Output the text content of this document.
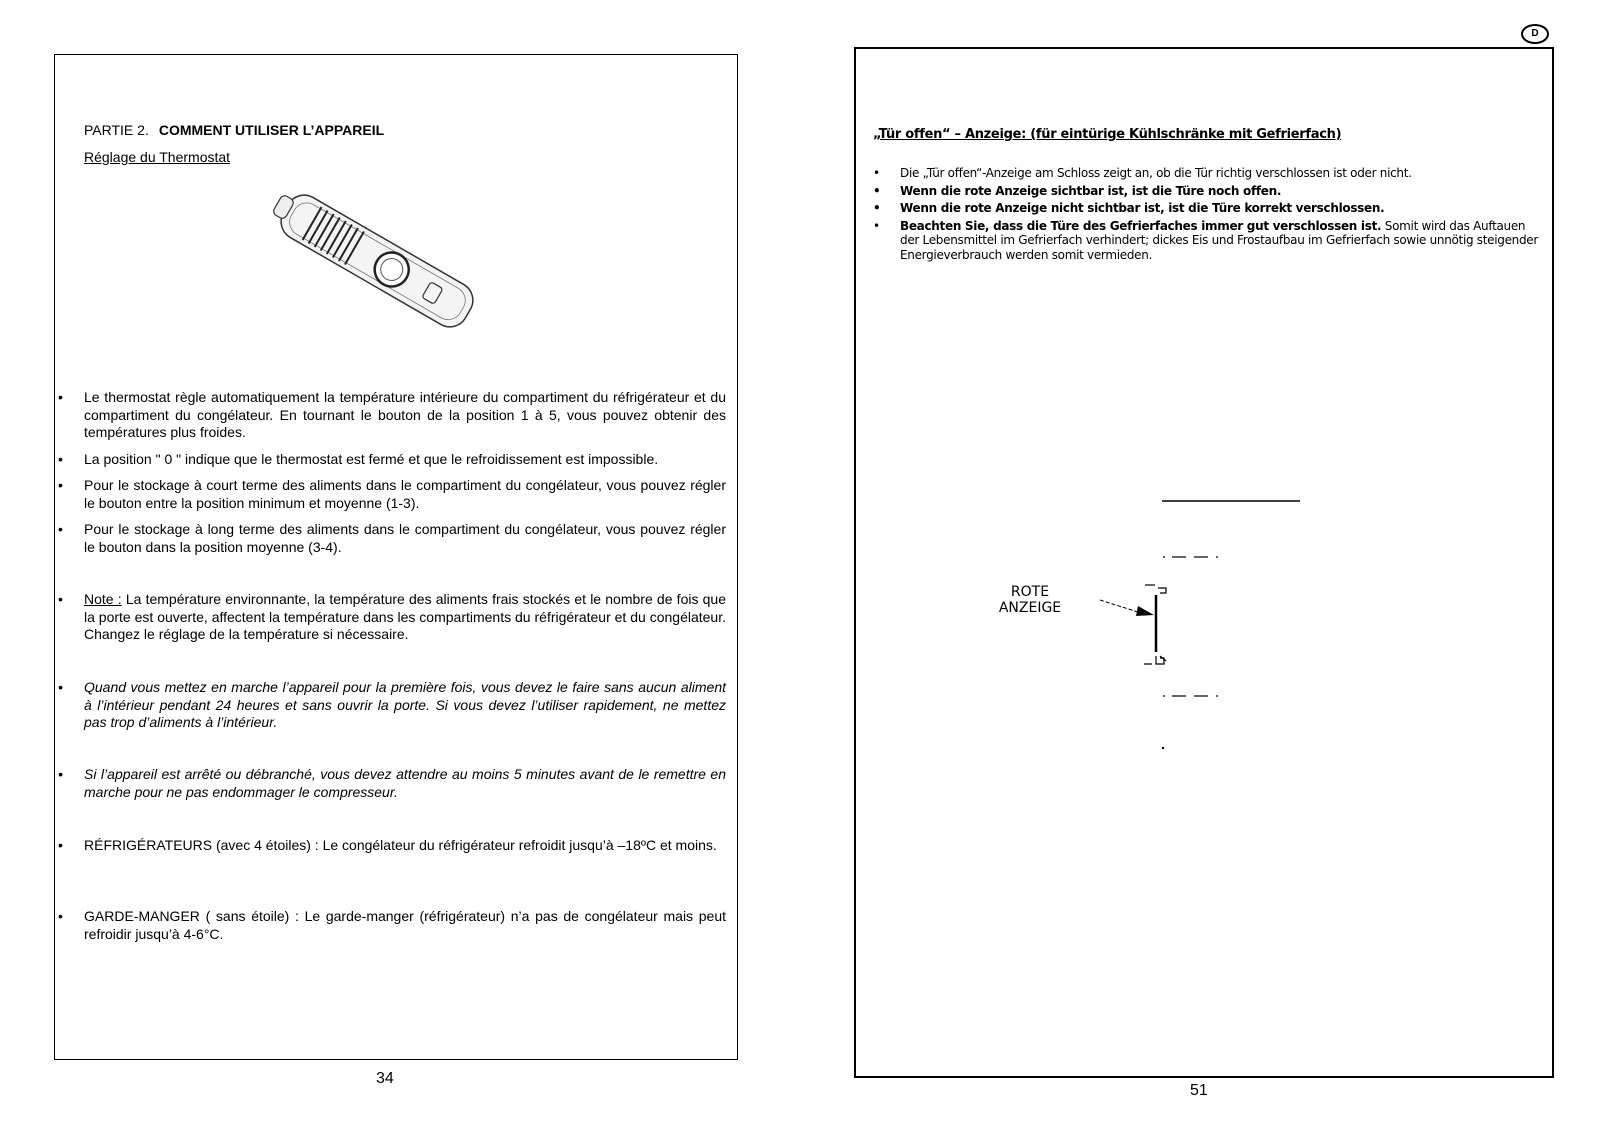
PARTIE 2. COMMENT UTILISER L’APPAREIL
Réglage du Thermostat
• Le thermostat règle automatiquement la température intérieure du compartiment du réfrigérateur et du compartiment du congélateur. En tournant le bouton de la position 1 à 5, vous pouvez obtenir des températures plus froides.
• La position " 0 " indique que le thermostat est fermé et que le refroidissement est impossible.
• Pour le stockage à court terme des aliments dans le compartiment du congélateur, vous pouvez régler le bouton entre la position minimum et moyenne (1-3).
• Pour le stockage à long terme des aliments dans le compartiment du congélateur, vous pouvez régler le bouton dans la position moyenne (3-4).
• Note : La température environnante, la température des aliments frais stockés et le nombre de fois que la porte est ouverte, affectent la température dans les compartiments du réfrigérateur et du congélateur. Changez le réglage de la température si nécessaire.
• Quand vous mettez en marche l’appareil pour la première fois, vous devez le faire sans aucun aliment à l’intérieur pendant 24 heures et sans ouvrir la porte. Si vous devez l’utiliser rapidement, ne mettez pas trop d’aliments à l’intérieur.
• Si l’appareil est arrêté ou débranché, vous devez attendre au moins 5 minutes avant de le remettre en marche pour ne pas endommager le compresseur.
• RÉFRIGÉRATEURS (avec 4 étoiles) : Le congélateur du réfrigérateur refroidit jusqu’à –18ºC et moins.
• GARDE-MANGER ( sans étoile) : Le garde-manger (réfrigérateur) n’a pas de congélateur mais peut refroidir jusqu’à 4-6°C.
34
D
„Tür offen“ – Anzeige: (für eintürige Kühlschränke mit Gefrierfach)
• Die „Tür offen“-Anzeige am Schloss zeigt an, ob die Tür richtig verschlossen ist oder nicht.
• Wenn die rote Anzeige sichtbar ist, ist die Türe noch offen.
• Wenn die rote Anzeige nicht sichtbar ist, ist die Türe korrekt verschlossen.
• Beachten Sie, dass die Türe des Gefrierfaches immer gut verschlossen ist. Somit wird das Auftauen der Lebensmittel im Gefrierfach verhindert; dickes Eis und Frostaufbau im Gefrierfach sowie unnötig steigender Energieverbrauch werden somit vermieden.
ROTE
ANZEIGE
51
